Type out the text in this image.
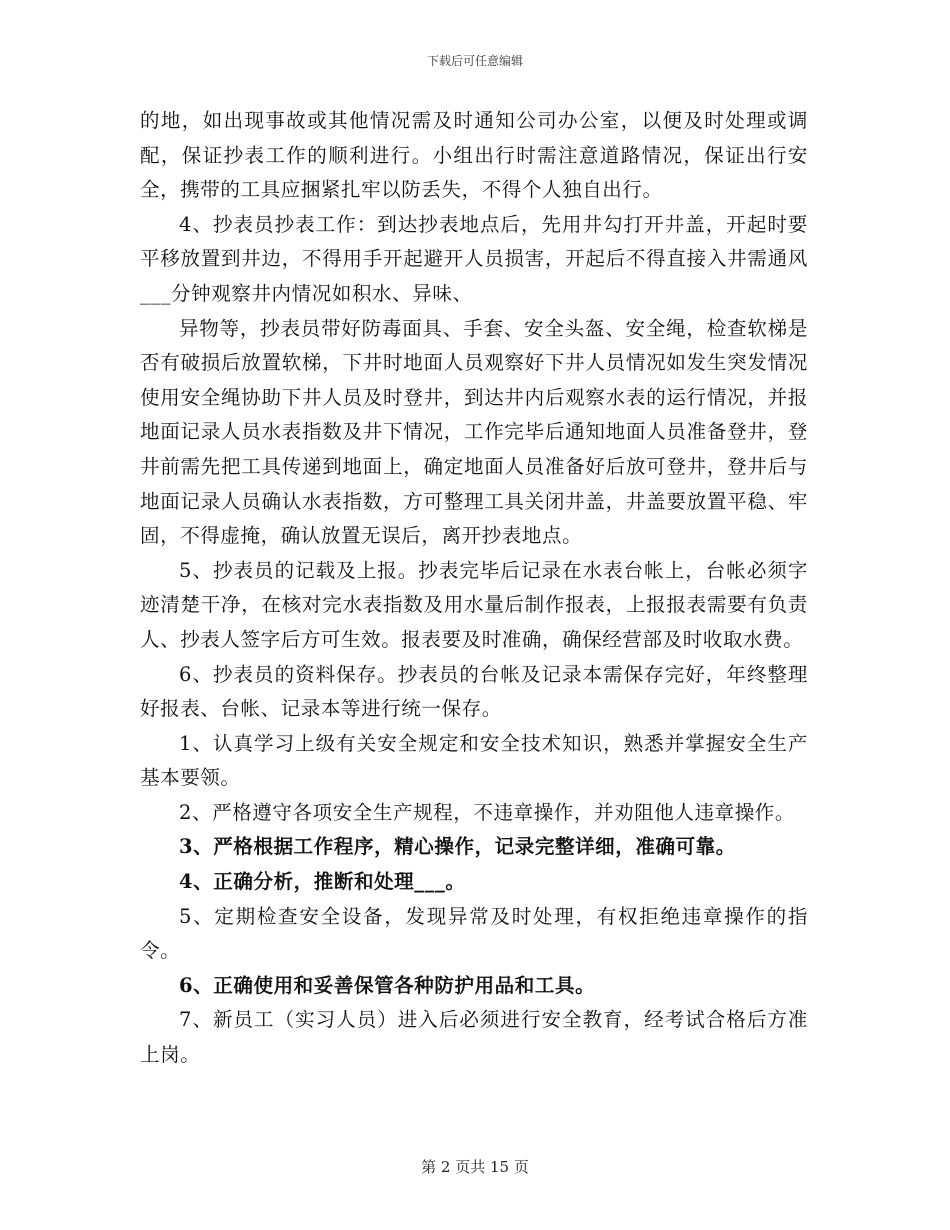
下载后可任意编辑

的地，如出现事故或其他情况需及时通知公司办公室，以便及时处理或调配，保证抄表工作的顺利进行。小组出行时需注意道路情况，保证出行安全，携带的工具应捆紧扎牢以防丢失，不得个人独自出行。

4、抄表员抄表工作：到达抄表地点后，先用井勾打开井盖，开起时要平移放置到井边，不得用手开起避开人员损害，开起后不得直接入井需通风___分钟观察井内情况如积水、异味、

异物等，抄表员带好防毒面具、手套、安全头盔、安全绳，检查软梯是否有破损后放置软梯，下井时地面人员观察好下井人员情况如发生突发情况使用安全绳协助下井人员及时登井，到达井内后观察水表的运行情况，并报地面记录人员水表指数及井下情况，工作完毕后通知地面人员准备登井，登井前需先把工具传递到地面上，确定地面人员准备好后放可登井，登井后与地面记录人员确认水表指数，方可整理工具关闭井盖，井盖要放置平稳、牢固，不得虚掩，确认放置无误后，离开抄表地点。

5、抄表员的记载及上报。抄表完毕后记录在水表台帐上，台帐必须字迹清楚干净，在核对完水表指数及用水量后制作报表，上报报表需要有负责人、抄表人签字后方可生效。报表要及时准确，确保经营部及时收取水费。

6、抄表员的资料保存。抄表员的台帐及记录本需保存完好，年终整理好报表、台帐、记录本等进行统一保存。

1、认真学习上级有关安全规定和安全技术知识，熟悉并掌握安全生产基本要领。

2、严格遵守各项安全生产规程，不违章操作，并劝阻他人违章操作。

3、严格根据工作程序，精心操作，记录完整详细，准确可靠。

4、正确分析，推断和处理___。

5、定期检查安全设备，发现异常及时处理，有权拒绝违章操作的指令。

6、正确使用和妥善保管各种防护用品和工具。

7、新员工（实习人员）进入后必须进行安全教育，经考试合格后方准上岗。

第 2 页共 15 页
